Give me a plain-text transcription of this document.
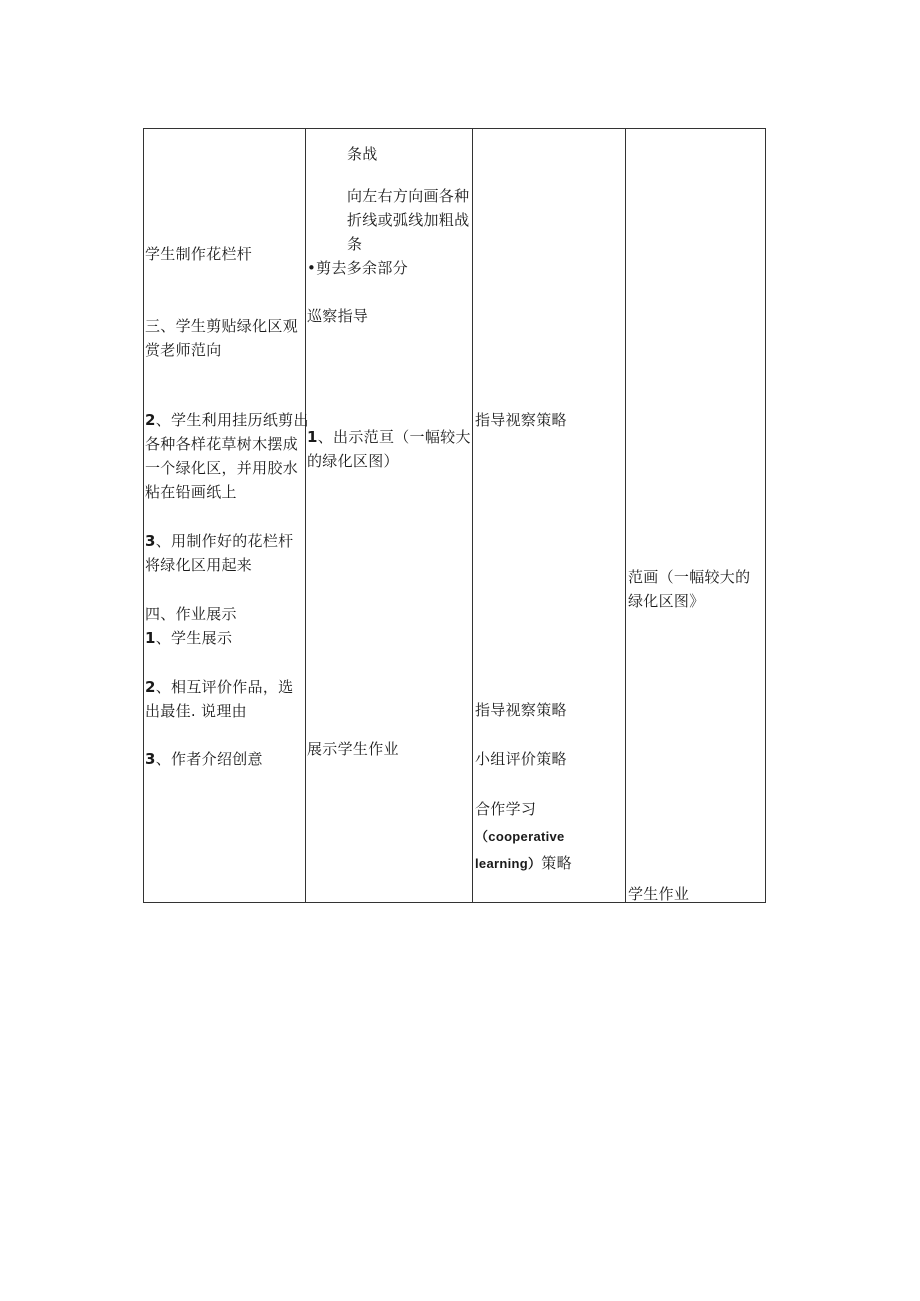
学生制作花栏杆
三、学生剪贴绿化区观
赏老师范向
2、学生利用挂历纸剪出
各种各样花草树木摆成
一个绿化区，并用胶水
粘在铅画纸上
3、用制作好的花栏杆
将绿化区用起来
四、作业展示
1、学生展示
2、相互评价作品，选
出最佳. 说理由
3、作者介绍创意
条战
向左右方向画各种
折线或弧线加粗战
条
•剪去多余部分
巡察指导
1、出示范亘（一幅较大
的绿化区图）
展示学生作业
指导视察策略
指导视察策略
小组评价策略
合作学习
（cooperative
learning）策略
范画（一幅较大的
绿化区图》
学生作业
